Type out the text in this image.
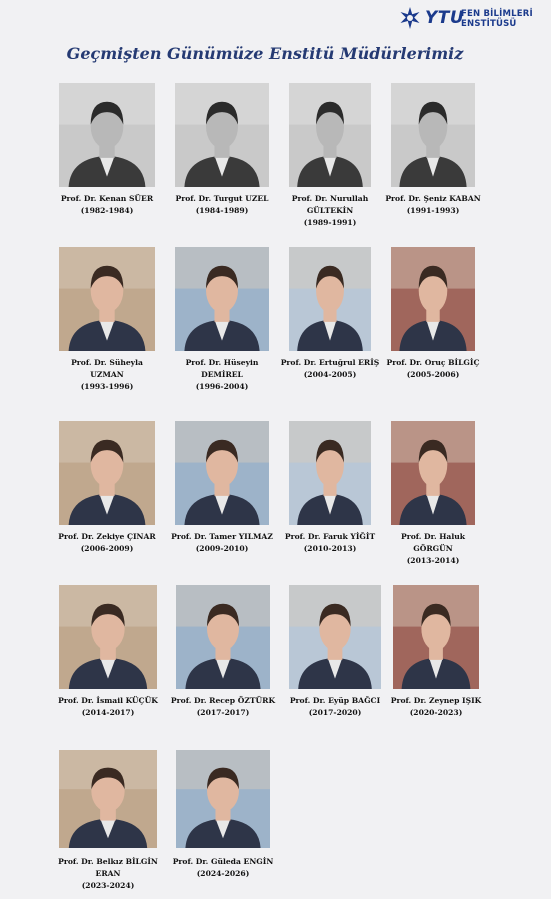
YTU
FEN BİLİMLERİ
ENSTİTÜSÜ
Geçmişten Günümüze Enstitü Müdürlerimiz
Prof. Dr. Kenan SÜER
(1982-1984)
Prof. Dr. Turgut UZEL
(1984-1989)
Prof. Dr. Nurullah
GÜLTEKİN
(1989-1991)
Prof. Dr. Şeniz KABAN
(1991-1993)
Prof. Dr. Süheyla
UZMAN
(1993-1996)
Prof. Dr. Hüseyin
DEMİREL
(1996-2004)
Prof. Dr. Ertuğrul ERİŞ
(2004-2005)
Prof. Dr. Oruç BİLGİÇ
(2005-2006)
Prof. Dr. Zekiye ÇINAR
(2006-2009)
Prof. Dr. Tamer YILMAZ
(2009-2010)
Prof. Dr. Faruk YİĞİT
(2010-2013)
Prof. Dr. Haluk
GÖRGÜN
(2013-2014)
Prof. Dr. İsmail KÜÇÜK
(2014-2017)
Prof. Dr. Recep ÖZTÜRK
(2017-2017)
Prof. Dr. Eyüp BAĞCI
(2017-2020)
Prof. Dr. Zeynep IŞIK
(2020-2023)
Prof. Dr. Belkız BİLGİN
ERAN
(2023-2024)
Prof. Dr. Güleda ENGİN
(2024-2026)
